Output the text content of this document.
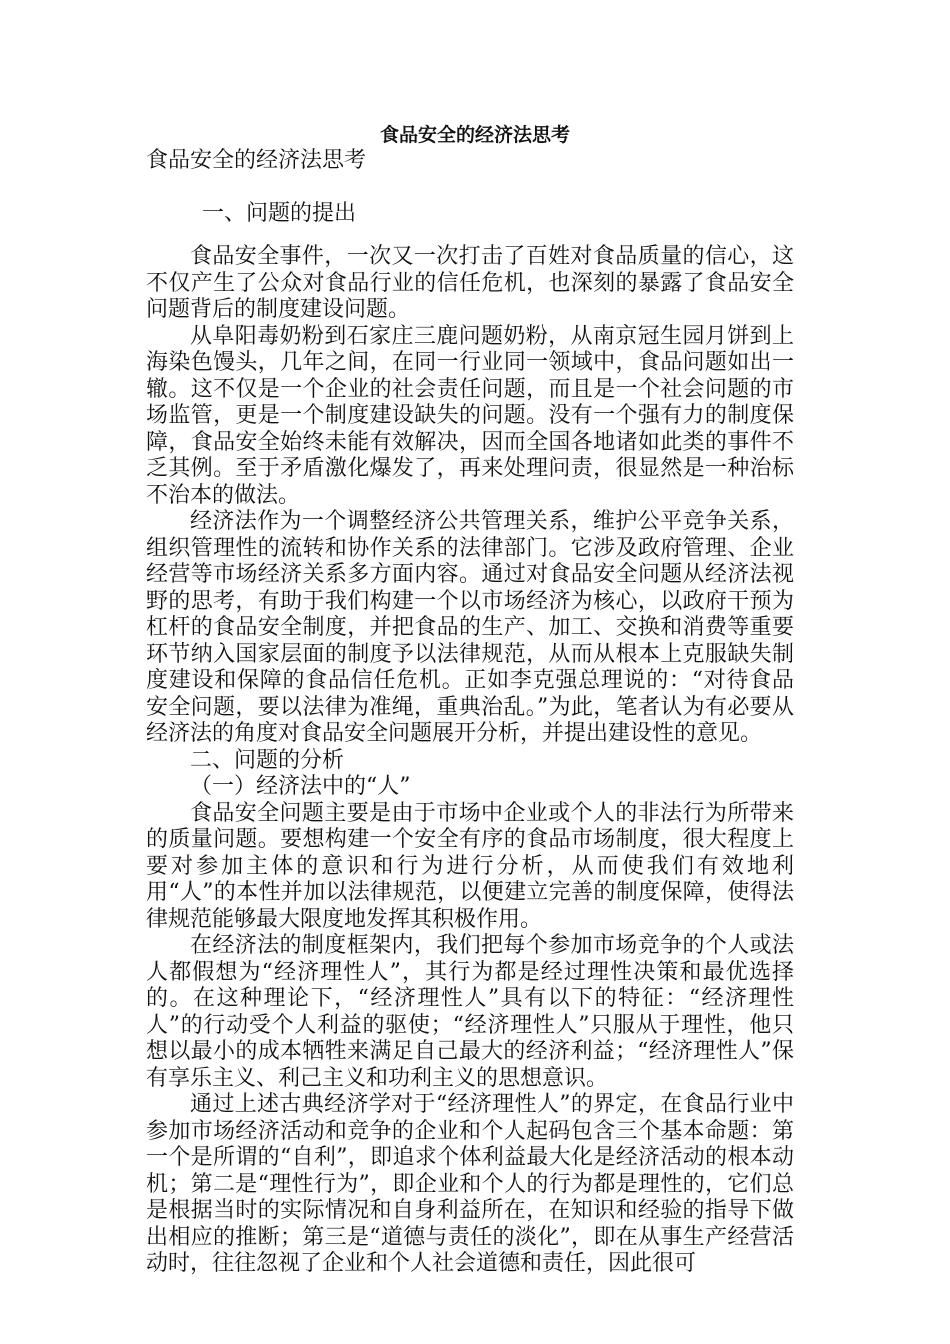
食品安全的经济法思考
食品安全的经济法思考
一、问题的提出

食品安全事件，一次又一次打击了百姓对食品质量的信心，这不仅产生了公众对食品行业的信任危机，也深刻的暴露了食品安全问题背后的制度建设问题。

从阜阳毒奶粉到石家庄三鹿问题奶粉，从南京冠生园月饼到上海染色馒头，几年之间，在同一行业同一领域中，食品问题如出一辙。这不仅是一个企业的社会责任问题，而且是一个社会问题的市场监管，更是一个制度建设缺失的问题。没有一个强有力的制度保障，食品安全始终未能有效解决，因而全国各地诸如此类的事件不乏其例。至于矛盾激化爆发了，再来处理问责，很显然是一种治标不治本的做法。

经济法作为一个调整经济公共管理关系，维护公平竞争关系，组织管理性的流转和协作关系的法律部门。它涉及政府管理、企业经营等市场经济关系多方面内容。通过对食品安全问题从经济法视野的思考，有助于我们构建一个以市场经济为核心，以政府干预为杠杆的食品安全制度，并把食品的生产、加工、交换和消费等重要环节纳入国家层面的制度予以法律规范，从而从根本上克服缺失制度建设和保障的食品信任危机。正如李克强总理说的：“对待食品安全问题，要以法律为准绳，重典治乱。”为此，笔者认为有必要从经济法的角度对食品安全问题展开分析，并提出建设性的意见。

二、问题的分析

（一）经济法中的“人”

食品安全问题主要是由于市场中企业或个人的非法行为所带来的质量问题。要想构建一个安全有序的食品市场制度，很大程度上要对参加主体的意识和行为进行分析，从而使我们有效地利用“人”的本性并加以法律规范，以便建立完善的制度保障，使得法律规范能够最大限度地发挥其积极作用。

在经济法的制度框架内，我们把每个参加市场竞争的个人或法人都假想为“经济理性人”，其行为都是经过理性决策和最优选择的。在这种理论下，“经济理性人”具有以下的特征：“经济理性人”的行动受个人利益的驱使；“经济理性人”只服从于理性，他只想以最小的成本牺牲来满足自己最大的经济利益；“经济理性人”保有享乐主义、利己主义和功利主义的思想意识。

通过上述古典经济学对于“经济理性人”的界定，在食品行业中参加市场经济活动和竞争的企业和个人起码包含三个基本命题：第一个是所谓的“自利”，即追求个体利益最大化是经济活动的根本动机；第二是“理性行为”，即企业和个人的行为都是理性的，它们总是根据当时的实际情况和自身利益所在，在知识和经验的指导下做出相应的推断；第三是“道德与责任的淡化”，即在从事生产经营活动时，往往忽视了企业和个人社会道德和责任，因此很可
